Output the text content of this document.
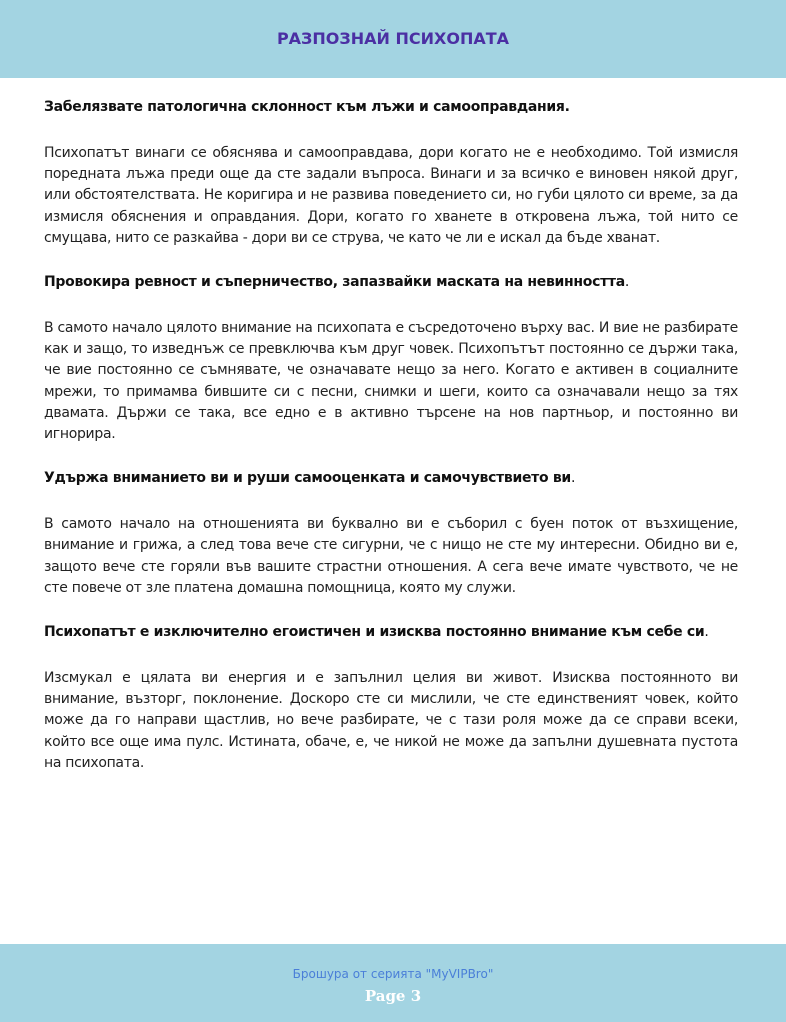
РАЗПОЗНАЙ ПСИХОПАТА

Забелязвате патологична склонност към лъжи и самооправдания.

Психопатът винаги се обяснява и самооправдава, дори когато не е необходимо. Той измисля поредната лъжа преди още да сте задали въпроса. Винаги и за всичко е виновен някой друг, или обстоятелствата. Не коригира и не развива поведението си, но губи цялото си време, за да измисля обяснения и оправдания. Дори, когато го хванете в откровена лъжа, той нито се смущава, нито се разкайва - дори ви се струва, че като че ли е искал да бъде хванат.

Провокира ревност и съперничество, запазвайки маската на невинността.

В самото начало цялото внимание на психопата е съсредоточено върху вас. И вие не разбирате как и защо, то изведнъж се превключва към друг човек. Психопътът постоянно се държи така, че вие постоянно се съмнявате, че означавате нещо за него. Когато е активен в социалните мрежи, то примамва бившите си с песни, снимки и шеги, които са означавали нещо за тях двамата. Държи се така, все едно е в активно търсене на нов партньор, и постоянно ви игнорира.

Удържа вниманието ви и руши самооценката и самочувствието ви.

В самото начало на отношенията ви буквално ви е съборил с буен поток от възхищение, внимание и грижа, а след това вече сте сигурни, че с нищо не сте му интересни. Обидно ви е, защото вече сте горяли във вашите страстни отношения. А сега вече имате чувството, че не сте повече от зле платена домашна помощница, която му служи.

Психопатът е изключително егоистичен и изисква постоянно внимание към себе си.

Изсмукал е цялата ви енергия и е запълнил целия ви живот. Изисква постоянното ви внимание, възторг, поклонение. Доскоро сте си мислили, че сте единственият човек, който може да го направи щастлив, но вече разбирате, че с тази роля може да се справи всеки, който все още има пулс. Истината, обаче, е, че никой не може да запълни душевната пустота на психопата.

Брошура от серията "MyVIPBro"
Page 3
